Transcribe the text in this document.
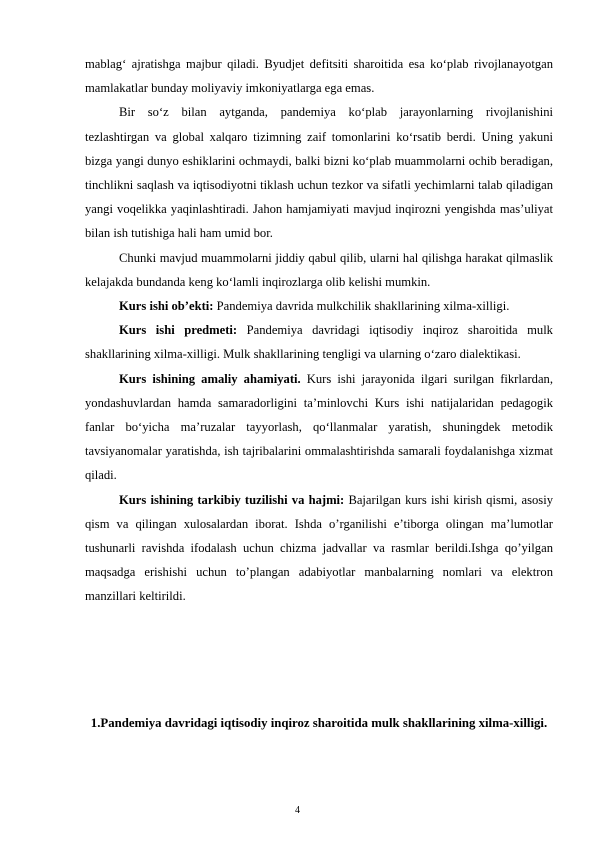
mablag‘ ajratishga majbur qiladi. Byudjet defitsiti sharoitida esa ko‘plab rivojlanayotgan mamlakatlar bunday moliyaviy imkoniyatlarga ega emas.

Bir so‘z bilan aytganda, pandemiya ko‘plab jarayonlarning rivojlanishini tezlashtirgan va global xalqaro tizimning zaif tomonlarini ko‘rsatib berdi. Uning yakuni bizga yangi dunyo eshiklarini ochmaydi, balki bizni ko‘plab muammolarni ochib beradigan, tinchlikni saqlash va iqtisodiyotni tiklash uchun tezkor va sifatli yechimlarni talab qiladigan yangi voqelikka yaqinlashtiradi. Jahon hamjamiyati mavjud inqirozni yengishda mas’uliyat bilan ish tutishiga hali ham umid bor.

Chunki mavjud muammolarni jiddiy qabul qilib, ularni hal qilishga harakat qilmaslik kelajakda bundanda keng ko‘lamli inqirozlarga olib kelishi mumkin.

Kurs ishi ob’ekti: Pandemiya davrida mulkchilik shakllarining xilma-xilligi.

Kurs ishi predmeti: Pandemiya davridagi iqtisodiy inqiroz sharoitida mulk shakllarining xilma-xilligi. Mulk shakllarining tengligi va ularning o‘zaro dialektikasi.

Kurs ishining amaliy ahamiyati. Kurs ishi jarayonida ilgari surilgan fikrlardan, yondashuvlardan hamda samaradorligini ta’minlovchi Kurs ishi natijalaridan pedagogik fanlar bo‘yicha ma’ruzalar tayyorlash, qo‘llanmalar yaratish, shuningdek metodik tavsiyanomalar yaratishda, ish tajribalarini ommalashtirishda samarali foydalanishga xizmat qiladi.

Kurs ishining tarkibiy tuzilishi va hajmi: Bajarilgan kurs ishi kirish qismi, asosiy qism va qilingan xulosalardan iborat. Ishda o’rganilishi e’tiborga olingan ma’lumotlar tushunarli ravishda ifodalash uchun chizma jadvallar va rasmlar berildi.Ishga qo’yilgan maqsadga erishishi uchun to’plangan adabiyotlar manbalarning nomlari va elektron manzillari keltirildi.

1.Pandemiya davridagi iqtisodiy inqiroz sharoitida mulk shakllarining xilma-xilligi.

4
